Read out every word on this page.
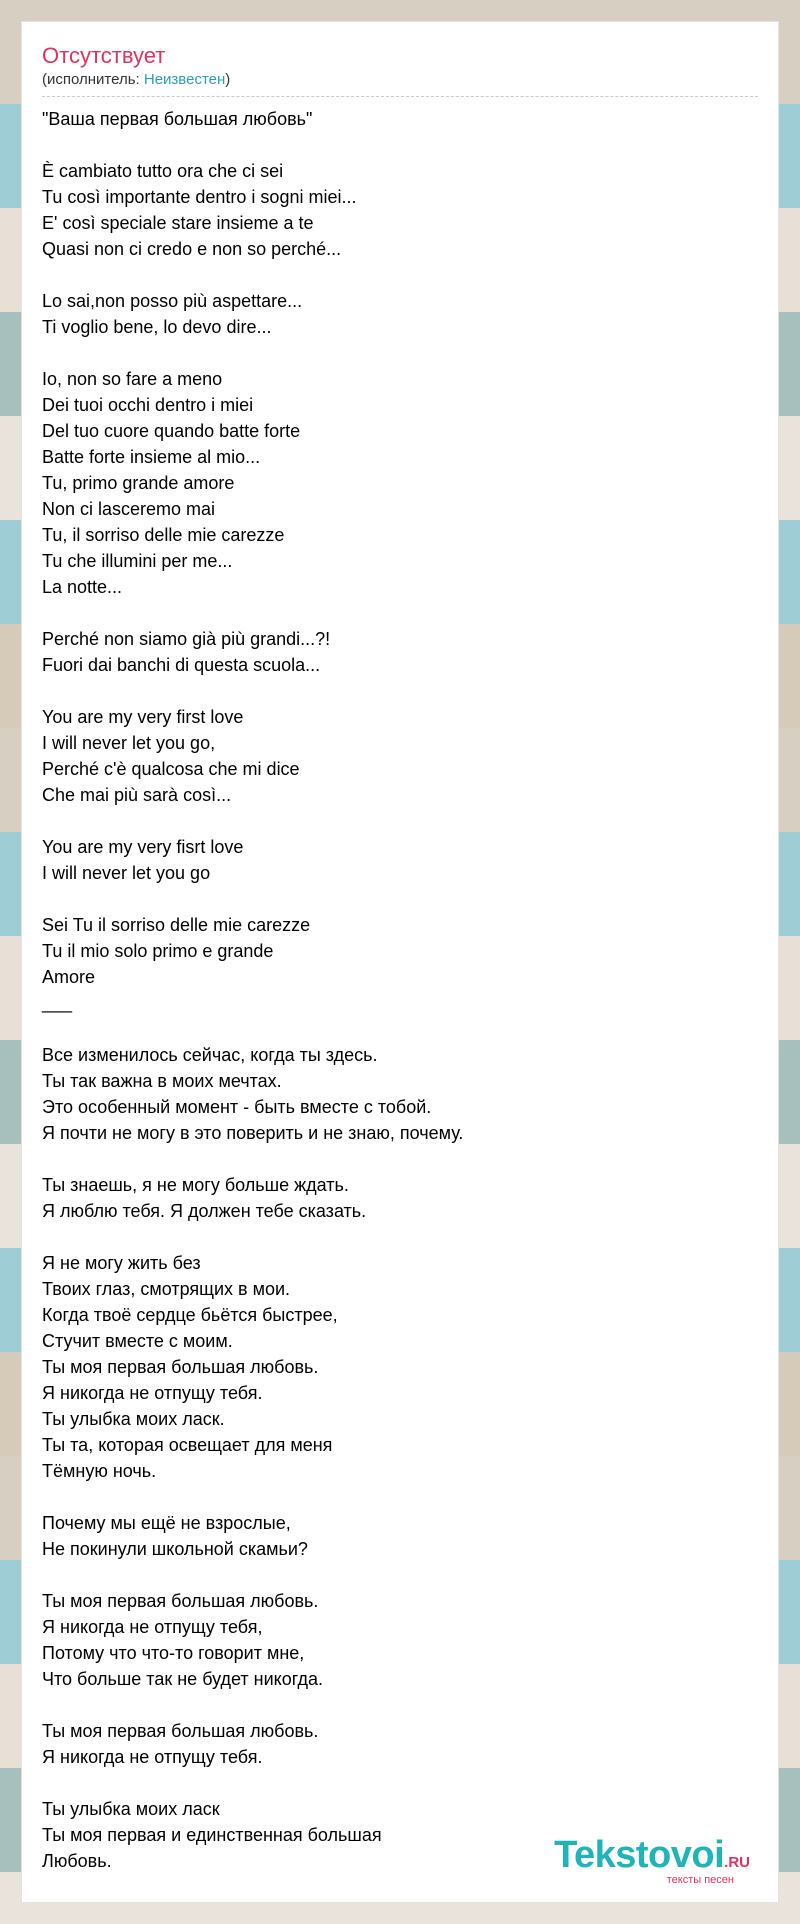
Отсутствует
(исполнитель: Неизвестен)
"Ваша первая большая любовь"

È cambiato tutto ora che ci sei
Tu così importante dentro i sogni miei...
E' così speciale stare insieme a te
Quasi non ci credo e non so perché...

Lo sai,non posso più aspettare...
Ti voglio bene, lo devo dire...

Io, non so fare a meno
Dei tuoi occhi dentro i miei
Del tuo cuore quando batte forte
Batte forte insieme al mio...
Tu, primo grande amore
Non ci lasceremo mai
Tu, il sorriso delle mie carezze
Tu che illumini per me...
La notte...

Perché non siamo già più grandi...?!
Fuori dai banchi di questa scuola...

You are my very first love
I will never let you go,
Perché c'è qualcosa che mi dice
Che mai più sarà così...

You are my very fisrt love
I will never let you go

Sei Tu il sorriso delle mie carezze
Tu il mio solo primo e grande
Amore
___

Все изменилось сейчас, когда ты здесь.
Ты так важна в моих мечтах.
Это особенный момент - быть вместе с тобой.
Я почти не могу в это поверить и не знаю, почему.

Ты знаешь, я не могу больше ждать.
Я люблю тебя. Я должен тебе сказать.

Я не могу жить без
Твоих глаз, смотрящих в мои.
Когда твоё сердце бьётся быстрее,
Стучит вместе с моим.
Ты моя первая большая любовь.
Я никогда не отпущу тебя.
Ты улыбка моих ласк.
Ты та, которая освещает для меня
Тёмную ночь.

Почему мы ещё не взрослые,
Не покинули школьной скамьи?

Ты моя первая большая любовь.
Я никогда не отпущу тебя,
Потому что что-то говорит мне,
Что больше так не будет никогда.

Ты моя первая большая любовь.
Я никогда не отпущу тебя.

Ты улыбка моих ласк
Ты моя первая и единственная большая
Любовь.	Tekstovoi.RU
тексты песен
